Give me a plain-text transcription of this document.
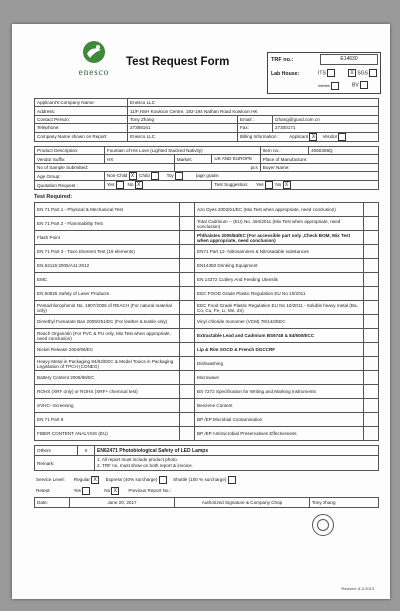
enesco
Test Request Form	TRF no.:	E14630
Lab House:	ITS	X SGS
Intertek	BV
Applicant's Company Name:	Enesco LLC		
Address:	11/F,HSH Kowloon Centre, 192-194 Nathan Road Kowloon HK		
Contact Person:	Tony Zhang	Email :	tzhang@gund.com.cn
Telephone:	27368161	Fax:	27300171
Company Name shown on Report:	Enesco LLC	Billing Information : Applicant X Vendor	
Product Description:	Fountain of His Love (Lighted Stacked Nativity)			Item no.:	4060308Q
Vendor Suffix:	HX	Market:	UK AND EUROPE	Place of Manufacture:	
No of Sample Submitted:		pcs		Buyer Name:	
Age Group:	Non-Child X Child Toy (age grade:				
Quotation Request :	Yes No X		Test Suggestion: Yes No X		
Test Required:
EN 71 Part 1 - Physical & Mechanical Test		Azo Dyes 2002/61/EC (Mix Test when appropriate, need conclusion)	
EN 71 Part 2 - Flammability Test		Total Cadmium -- (EU) No. 494/2011 (Mix Test when appropriate, need conclusion)	
Flash Point		Phthalates 2005/84/EC (For accessible part only ,Check BOM, Mix Test when appropriate, need conclusion)	
EN 71 Part 3 - Toxic Element Test (19 elements)		EN71 Part 12- Nitrosamines & Nitrosatable substances	
EN 62115:2005/A11:2012		EN14350 Drinking Equipment	
EMC		EN 14372 Cutlery And Feeding Utensils	
EN 60825 Safety of Laser Products		EEC FOOD Grade Plastic Regulation EU No 10/2011	
Pentachlorophenol No. 1907/2006 of REACH (For natural material only)		EEC Food Grade Plastic Regulation EU No 10/2011 - Soluble heavy metal (Ba, Co, Cu, Fe, Li, Mn, Zn)	
Dimethyl Fumarate Ban 2009/251/EC (For leather & textile only)		Vinyl chloride monomer (VCM) 78/142/EEC	
Reach Organotin (For PVC & PU only, Mix Test when appropriate, need conclusion)		Extractable Lead and Cadmium BS6748 & 84/500/ECC	
Nickel Release 2004/96/EC		Lip & Rim SOCD & French DGCCRF	
Heavy Metal in Packaging 94/62/EEC & Model Toxics in Packaging Legislation of TPCH (CONEG)		Dishwashing	
Battery Content 2006/66/EC		Microwave	
ROHS (XRF only) or ROHS (XRF+ chemical test)		BS 7272 Specification for Writing and Marking Instruments	
SVHC--Screening		Benzene Content	
EN 71 Part 9		BP /EP Microbial Contamination	
FIBER CONTENT ANALYSIS (EU)		BP /EP Antimicrobial Preservatives Effectiveness	
Others	X	EN62471 Photobiological Safety of LED Lamps
Remark:		1. All report must include product photo.
2. TRF no. must show on both report & invoice.
Service Level: Regular X Express (40% surcharge)	Shuttle (100 % surcharge)
Retest:	Yes	No X Previous Report No.:
Date:	June 20, 2017	Authorized Signature & Company Chop	Tony zhang
Revised: 6-3-2013
